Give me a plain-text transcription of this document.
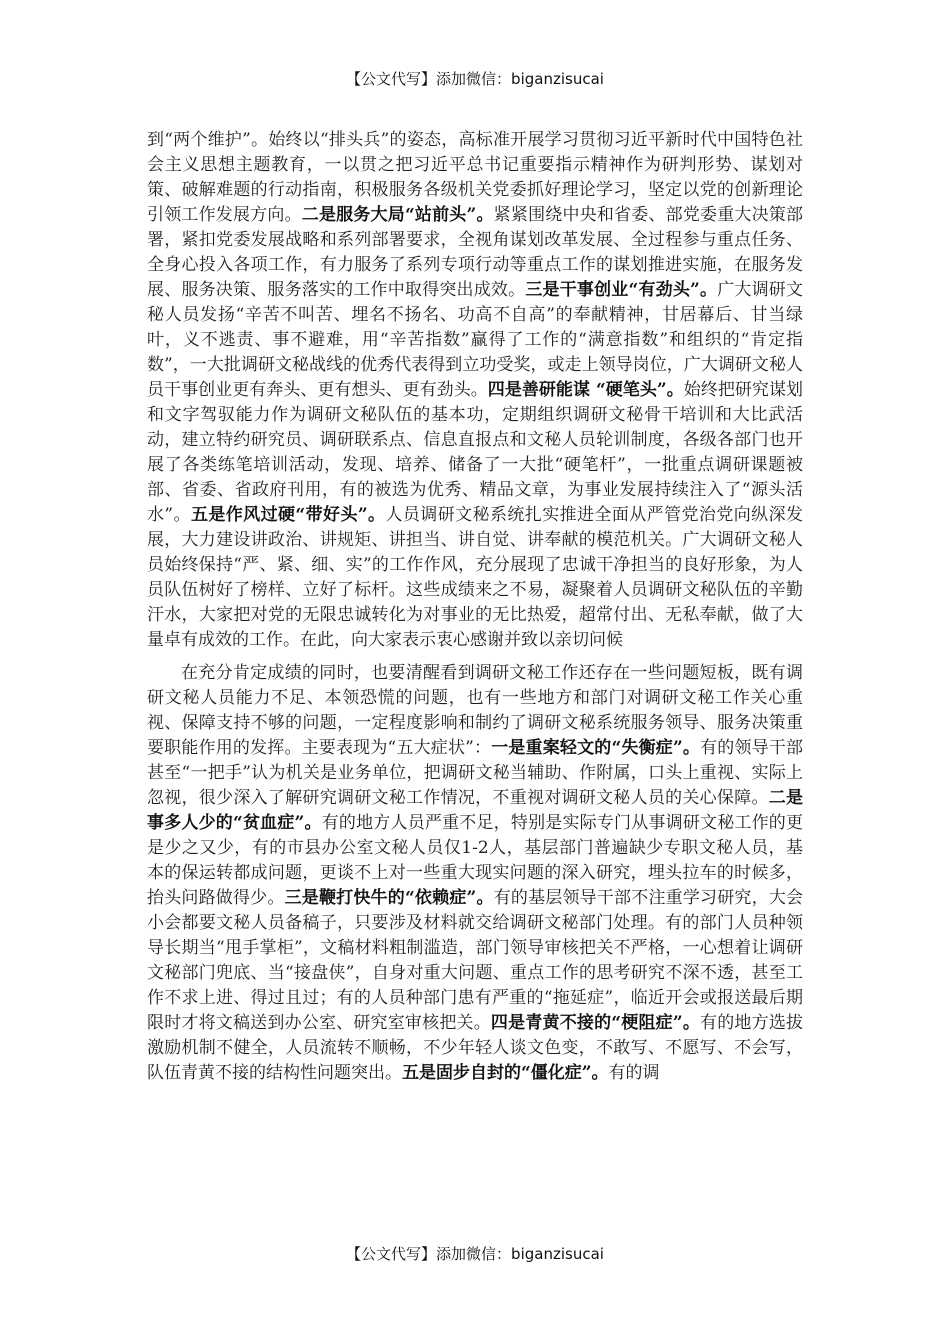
【公文代写】添加微信：biganzisucai

到“两个维护”。始终以“排头兵”的姿态，高标准开展学习贯彻习近平新时代中国特色社会主义思想主题教育，一以贯之把习近平总书记重要指示精神作为研判形势、谋划对策、破解难题的行动指南，积极服务各级机关党委抓好理论学习，坚定以党的创新理论引领工作发展方向。二是服务大局“站前头”。紧紧围绕中央和省委、部党委重大决策部署，紧扣党委发展战略和系列部署要求，全视角谋划改革发展、全过程参与重点任务、全身心投入各项工作，有力服务了系列专项行动等重点工作的谋划推进实施，在服务发展、服务决策、服务落实的工作中取得突出成效。三是干事创业“有劲头”。广大调研文秘人员发扬“辛苦不叫苦、埋名不扬名、功高不自高”的奉献精神，甘居幕后、甘当绿叶，义不逃责、事不避难，用“辛苦指数”赢得了工作的“满意指数”和组织的“肯定指数”，一大批调研文秘战线的优秀代表得到立功受奖，或走上领导岗位，广大调研文秘人员干事创业更有奔头、更有想头、更有劲头。四是善研能谋 “硬笔头”。始终把研究谋划和文字驾驭能力作为调研文秘队伍的基本功，定期组织调研文秘骨干培训和大比武活动，建立特约研究员、调研联系点、信息直报点和文秘人员轮训制度，各级各部门也开展了各类练笔培训活动，发现、培养、储备了一大批“硬笔杆”，一批重点调研课题被部、省委、省政府刊用，有的被选为优秀、精品文章，为事业发展持续注入了“源头活水”。五是作风过硬“带好头”。人员调研文秘系统扎实推进全面从严管党治党向纵深发展，大力建设讲政治、讲规矩、讲担当、讲自觉、讲奉献的模范机关。广大调研文秘人员始终保持“严、紧、细、实”的工作作风，充分展现了忠诚干净担当的良好形象，为人员队伍树好了榜样、立好了标杆。这些成绩来之不易，凝聚着人员调研文秘队伍的辛勤汗水，大家把对党的无限忠诚转化为对事业的无比热爱，超常付出、无私奉献，做了大量卓有成效的工作。在此，向大家表示衷心感谢并致以亲切问候

在充分肯定成绩的同时，也要清醒看到调研文秘工作还存在一些问题短板，既有调研文秘人员能力不足、本领恐慌的问题，也有一些地方和部门对调研文秘工作关心重视、保障支持不够的问题，一定程度影响和制约了调研文秘系统服务领导、服务决策重要职能作用的发挥。主要表现为“五大症状”：一是重案轻文的“失衡症”。有的领导干部甚至“一把手”认为机关是业务单位，把调研文秘当辅助、作附属，口头上重视、实际上忽视，很少深入了解研究调研文秘工作情况，不重视对调研文秘人员的关心保障。二是事多人少的“贫血症”。有的地方人员严重不足，特别是实际专门从事调研文秘工作的更是少之又少，有的市县办公室文秘人员仅1-2人，基层部门普遍缺少专职文秘人员，基本的保运转都成问题，更谈不上对一些重大现实问题的深入研究，埋头拉车的时候多，抬头问路做得少。三是鞭打快牛的“依赖症”。有的基层领导干部不注重学习研究，大会小会都要文秘人员备稿子，只要涉及材料就交给调研文秘部门处理。有的部门人员种领导长期当“甩手掌柜”，文稿材料粗制滥造，部门领导审核把关不严格，一心想着让调研文秘部门兜底、当“接盘侠”，自身对重大问题、重点工作的思考研究不深不透，甚至工作不求上进、得过且过；有的人员种部门患有严重的“拖延症”，临近开会或报送最后期限时才将文稿送到办公室、研究室审核把关。四是青黄不接的“梗阻症”。有的地方选拔激励机制不健全，人员流转不顺畅，不少年轻人谈文色变，不敢写、不愿写、不会写，队伍青黄不接的结构性问题突出。五是固步自封的“僵化症”。有的调

【公文代写】添加微信：biganzisucai
